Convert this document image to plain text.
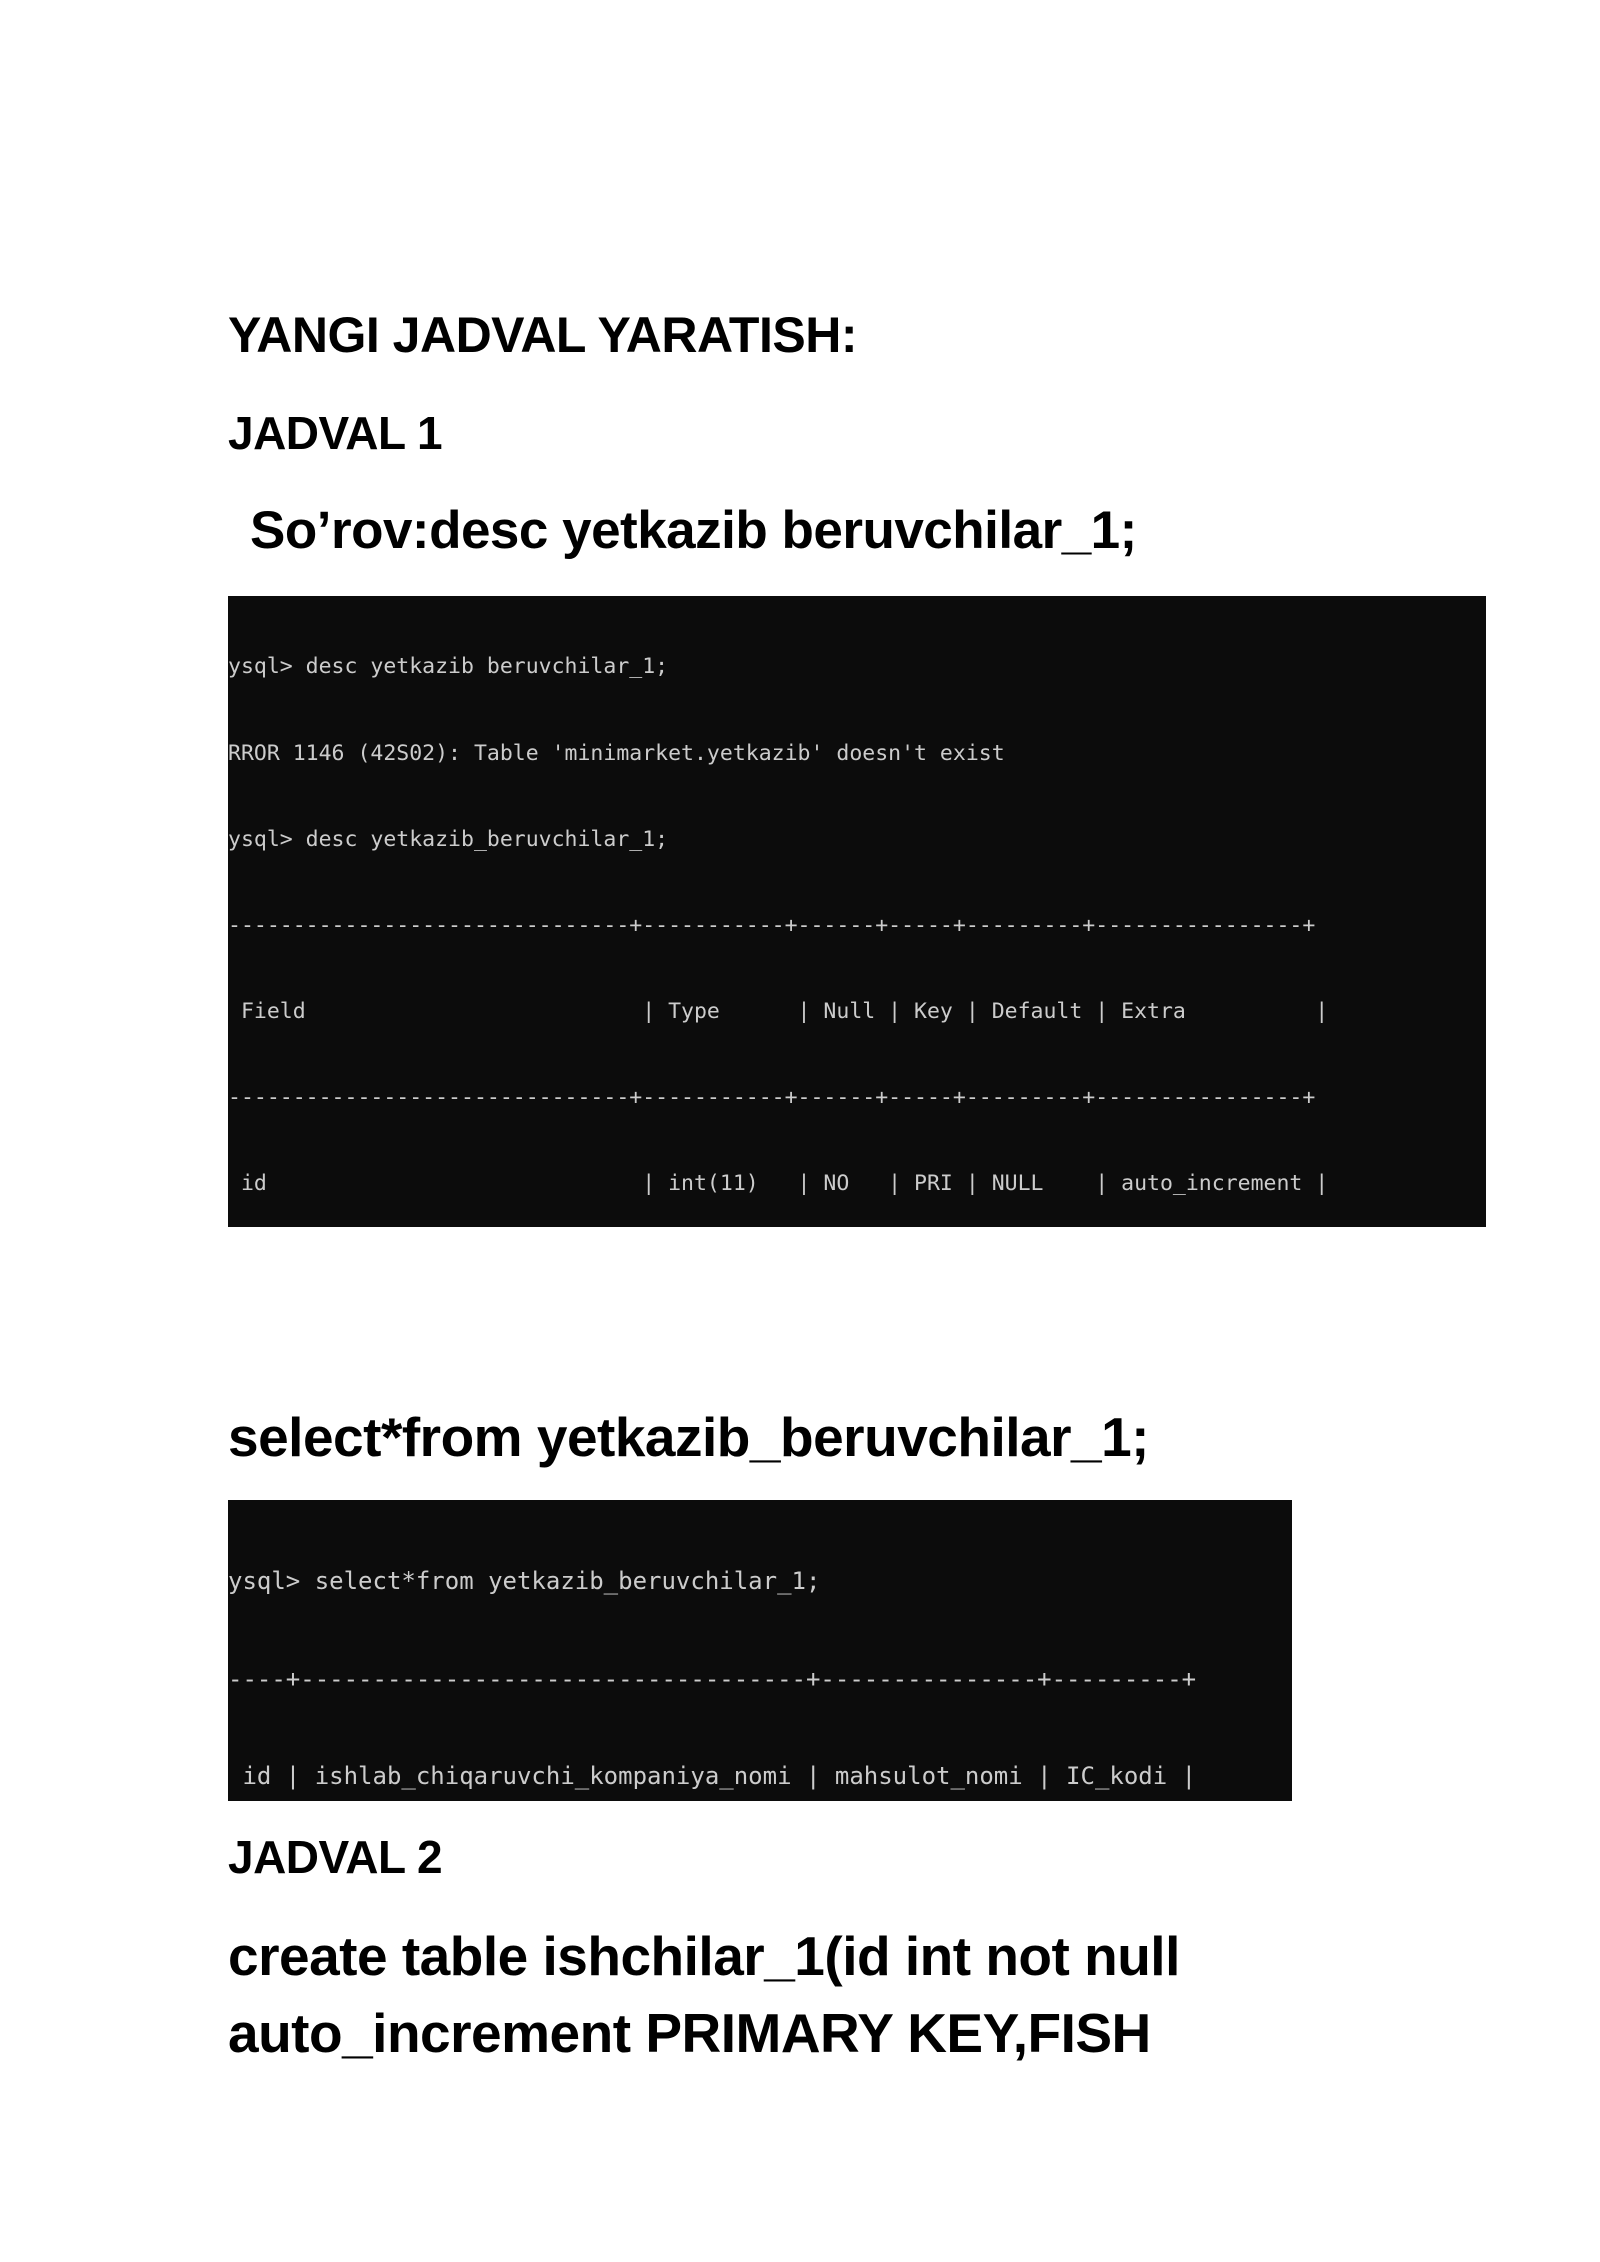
YANGI JADVAL YARATISH:
JADVAL 1
So’rov:desc yetkazib beruvchilar_1;

ysql> desc yetkazib beruvchilar_1;

RROR 1146 (42S02): Table 'minimarket.yetkazib' doesn't exist

ysql> desc yetkazib_beruvchilar_1;

-------------------------------+-----------+------+-----+---------+----------------+

Field                          | Type      | Null | Key | Default | Extra          |

-------------------------------+-----------+------+-----+---------+----------------+

id                             | int(11)   | NO   | PRI | NULL    | auto_increment |

select*from yetkazib_beruvchilar_1;

ysql> select*from yetkazib_beruvchilar_1;

----+-----------------------------------+---------------+---------+

id | ishlab_chiqaruvchi_kompaniya_nomi | mahsulot_nomi | IC_kodi |

JADVAL 2
create table ishchilar_1(id int not null auto_increment PRIMARY KEY,FISH
